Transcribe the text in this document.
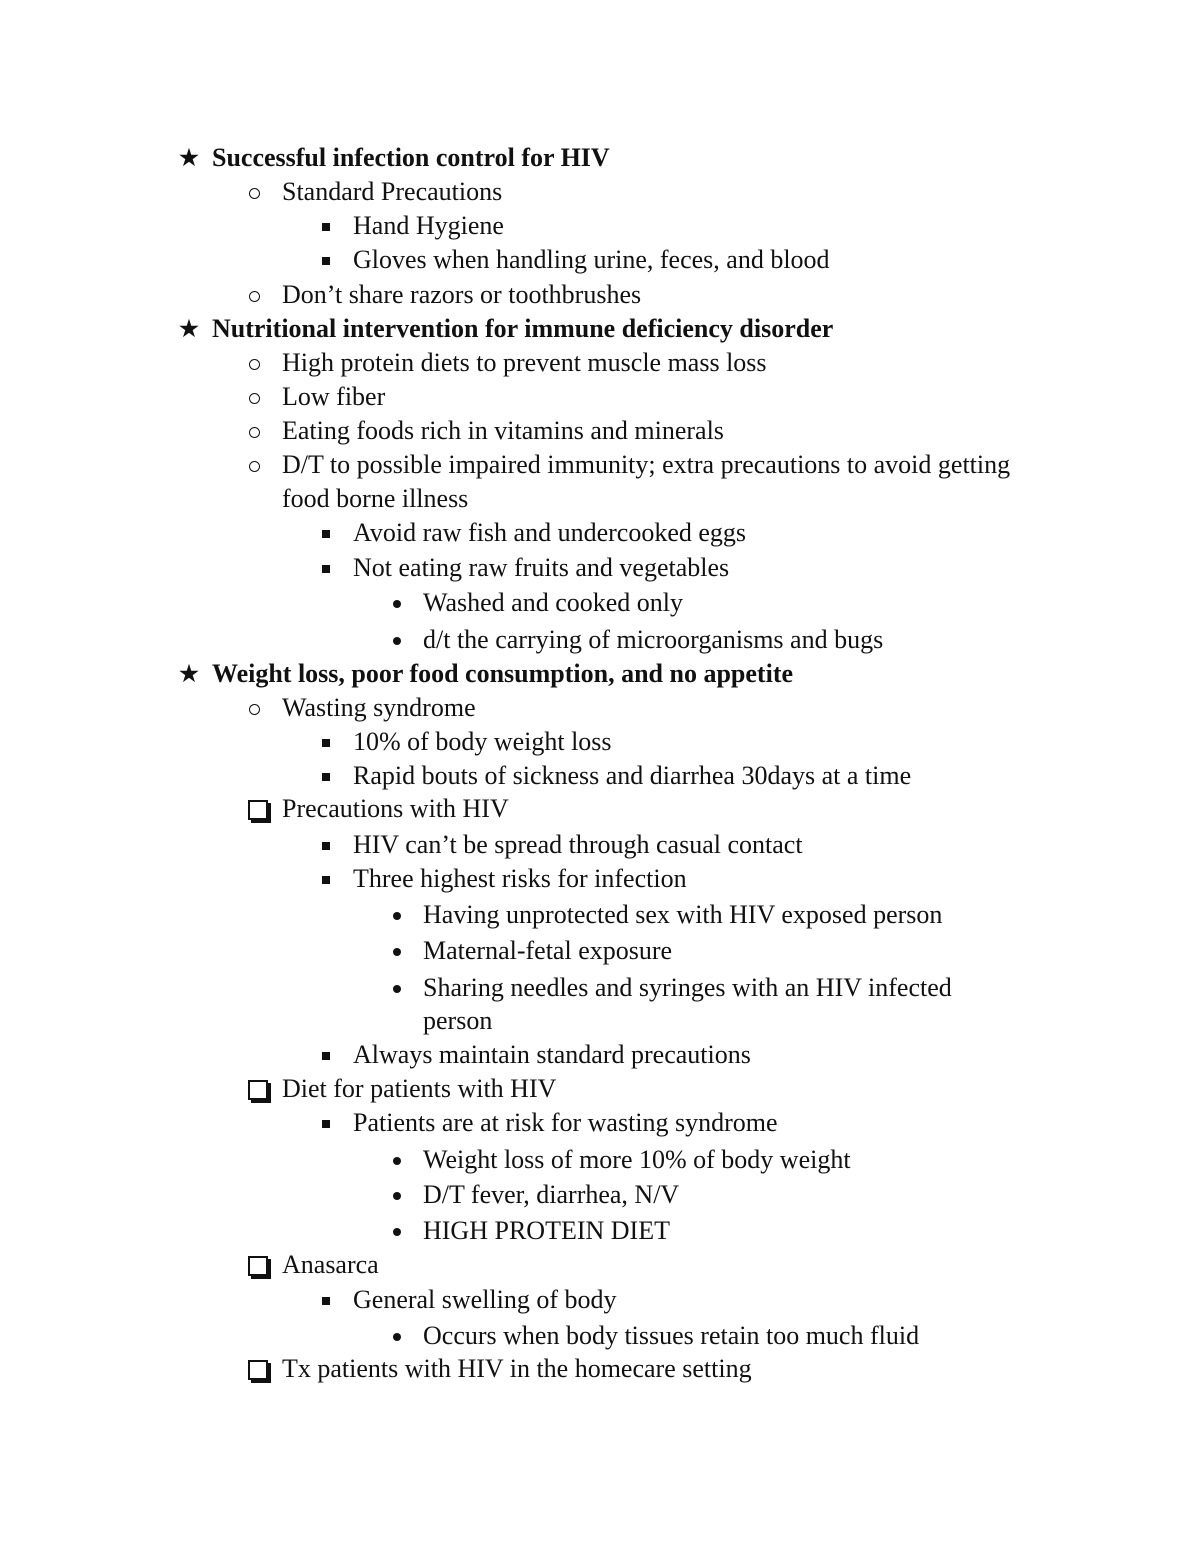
★ Successful infection control for HIV
Standard Precautions
Hand Hygiene
Gloves when handling urine, feces, and blood
Don’t share razors or toothbrushes
★ Nutritional intervention for immune deficiency disorder
High protein diets to prevent muscle mass loss
Low fiber
Eating foods rich in vitamins and minerals
D/T to possible impaired immunity; extra precautions to avoid getting
food borne illness
Avoid raw fish and undercooked eggs
Not eating raw fruits and vegetables
Washed and cooked only
d/t the carrying of microorganisms and bugs
★ Weight loss, poor food consumption, and no appetite
Wasting syndrome
10% of body weight loss
Rapid bouts of sickness and diarrhea 30days at a time
Precautions with HIV
HIV can’t be spread through casual contact
Three highest risks for infection
Having unprotected sex with HIV exposed person
Maternal-fetal exposure
Sharing needles and syringes with an HIV infected
person
Always maintain standard precautions
Diet for patients with HIV
Patients are at risk for wasting syndrome
Weight loss of more 10% of body weight
D/T fever, diarrhea, N/V
HIGH PROTEIN DIET
Anasarca
General swelling of body
Occurs when body tissues retain too much fluid
Tx patients with HIV in the homecare setting
